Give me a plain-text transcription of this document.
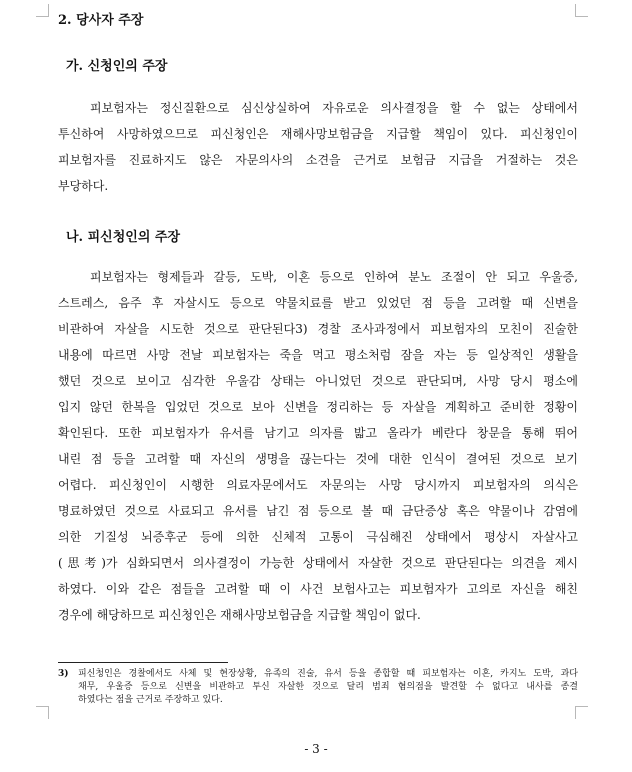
2. 당사자 주장
가. 신청인의 주장
피보험자는 정신질환으로 심신상실하여 자유로운 의사결정을 할 수 없는 상태에서
투신하여 사망하였으므로 피신청인은 재해사망보험금을 지급할 책임이 있다. 피신청인이
피보험자를 진료하지도 않은 자문의사의 소견을 근거로 보험금 지급을 거절하는 것은
부당하다.
나. 피신청인의 주장
피보험자는 형제들과 갈등, 도박, 이혼 등으로 인하여 분노 조절이 안 되고 우울증,
스트레스, 음주 후 자살시도 등으로 약물치료를 받고 있었던 점 등을 고려할 때 신변을
비관하여 자살을 시도한 것으로 판단된다3) 경찰 조사과정에서 피보험자의 모친이 진술한
내용에 따르면 사망 전날 피보험자는 죽을 먹고 평소처럼 잠을 자는 등 일상적인 생활을
했던 것으로 보이고 심각한 우울감 상태는 아니었던 것으로 판단되며, 사망 당시 평소에
입지 않던 한복을 입었던 것으로 보아 신변을 정리하는 등 자살을 계획하고 준비한 정황이
확인된다. 또한 피보험자가 유서를 남기고 의자를 밟고 올라가 베란다 창문을 통해 뛰어
내린 점 등을 고려할 때 자신의 생명을 끊는다는 것에 대한 인식이 결여된 것으로 보기
어렵다. 피신청인이 시행한 의료자문에서도 자문의는 사망 당시까지 피보험자의 의식은
명료하였던 것으로 사료되고 유서를 남긴 점 등으로 볼 때 금단증상 혹은 약물이나 감염에
의한 기질성 뇌증후군 등에 의한 신체적 고통이 극심해진 상태에서 평상시 자살사고
(思考)가 심화되면서 의사결정이 가능한 상태에서 자살한 것으로 판단된다는 의견을 제시
하였다. 이와 같은 점들을 고려할 때 이 사건 보험사고는 피보험자가 고의로 자신을 해친
경우에 해당하므로 피신청인은 재해사망보험금을 지급할 책임이 없다.
3) 피신청인은 경찰에서도 사체 및 현장상황, 유족의 진술, 유서 등을 종합할 때 피보험자는 이혼, 카지노 도박, 과다
채무, 우울증 등으로 신변을 비관하고 투신 자살한 것으로 달리 범죄 혐의점을 발견할 수 없다고 내사를 종결
하였다는 점을 근거로 주장하고 있다.
- 3 -
